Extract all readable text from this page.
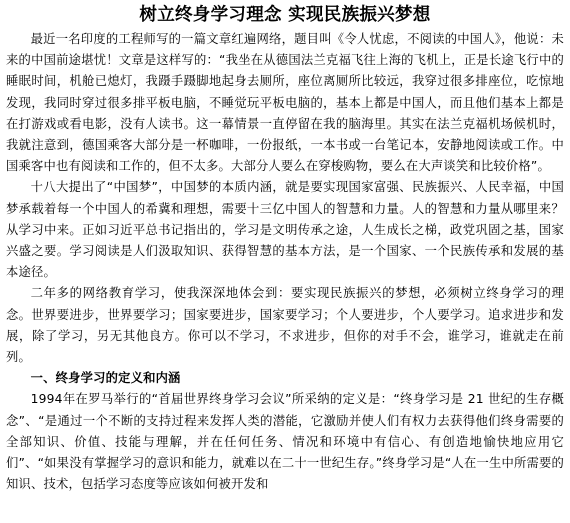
树立终身学习理念 实现民族振兴梦想

最近一名印度的工程师写的一篇文章红遍网络，题目叫《令人忧虑，不阅读的中国人》，他说：未来的中国前途堪忧！文章是这样写的：“我坐在从德国法兰克福飞往上海的飞机上，正是长途飞行中的睡眠时间，机舱已熄灯，我蹑手蹑脚地起身去厕所，座位离厕所比较远，我穿过很多排座位，吃惊地发现，我同时穿过很多排平板电脑，不睡觉玩平板电脑的，基本上都是中国人，而且他们基本上都是在打游戏或看电影，没有人读书。这一幕情景一直停留在我的脑海里。其实在法兰克福机场候机时，我就注意到，德国乘客大部分是一杯咖啡，一份报纸，一本书或一台笔记本，安静地阅读或工作。中国乘客中也有阅读和工作的，但不太多。大部分人要么在穿梭购物，要么在大声谈笑和比较价格”。

十八大提出了“中国梦”，中国梦的本质内涵，就是要实现国家富强、民族振兴、人民幸福，中国梦承载着每一个中国人的希冀和理想，需要十三亿中国人的智慧和力量。人的智慧和力量从哪里来？从学习中来。正如习近平总书记指出的，学习是文明传承之途，人生成长之梯，政党巩固之基，国家兴盛之要。学习阅读是人们汲取知识、获得智慧的基本方法，是一个国家、一个民族传承和发展的基本途径。

二年多的网络教育学习，使我深深地体会到：要实现民族振兴的梦想，必须树立终身学习的理念。世界要进步，世界要学习；国家要进步，国家要学习；个人要进步，个人要学习。追求进步和发展，除了学习，另无其他良方。你可以不学习，不求进步，但你的对手不会，谁学习，谁就走在前列。

一、终身学习的定义和内涵

1994年在罗马举行的“首届世界终身学习会议”所采纳的定义是：“终身学习是 21 世纪的生存概念”、“是通过一个不断的支持过程来发挥人类的潜能，它激励并使人们有权力去获得他们终身需要的全部知识、价值、技能与理解，并在任何任务、情况和环境中有信心、有创造地愉快地应用它们”、“如果没有掌握学习的意识和能力，就难以在二十一世纪生存。”终身学习是“人在一生中所需要的知识、技术，包括学习态度等应该如何被开发和
